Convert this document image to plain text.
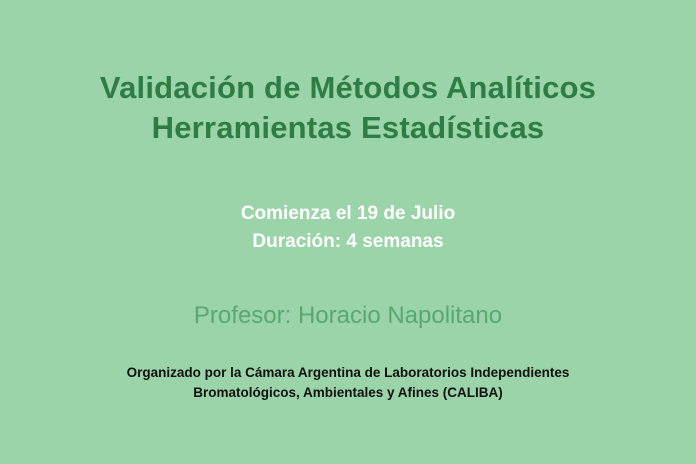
Validación de Métodos Analíticos
Herramientas Estadísticas
Comienza el 19 de Julio
Duración: 4 semanas
Profesor: Horacio Napolitano
Organizado por la Cámara Argentina de Laboratorios Independientes
Bromatológicos, Ambientales y Afines (CALIBA)
